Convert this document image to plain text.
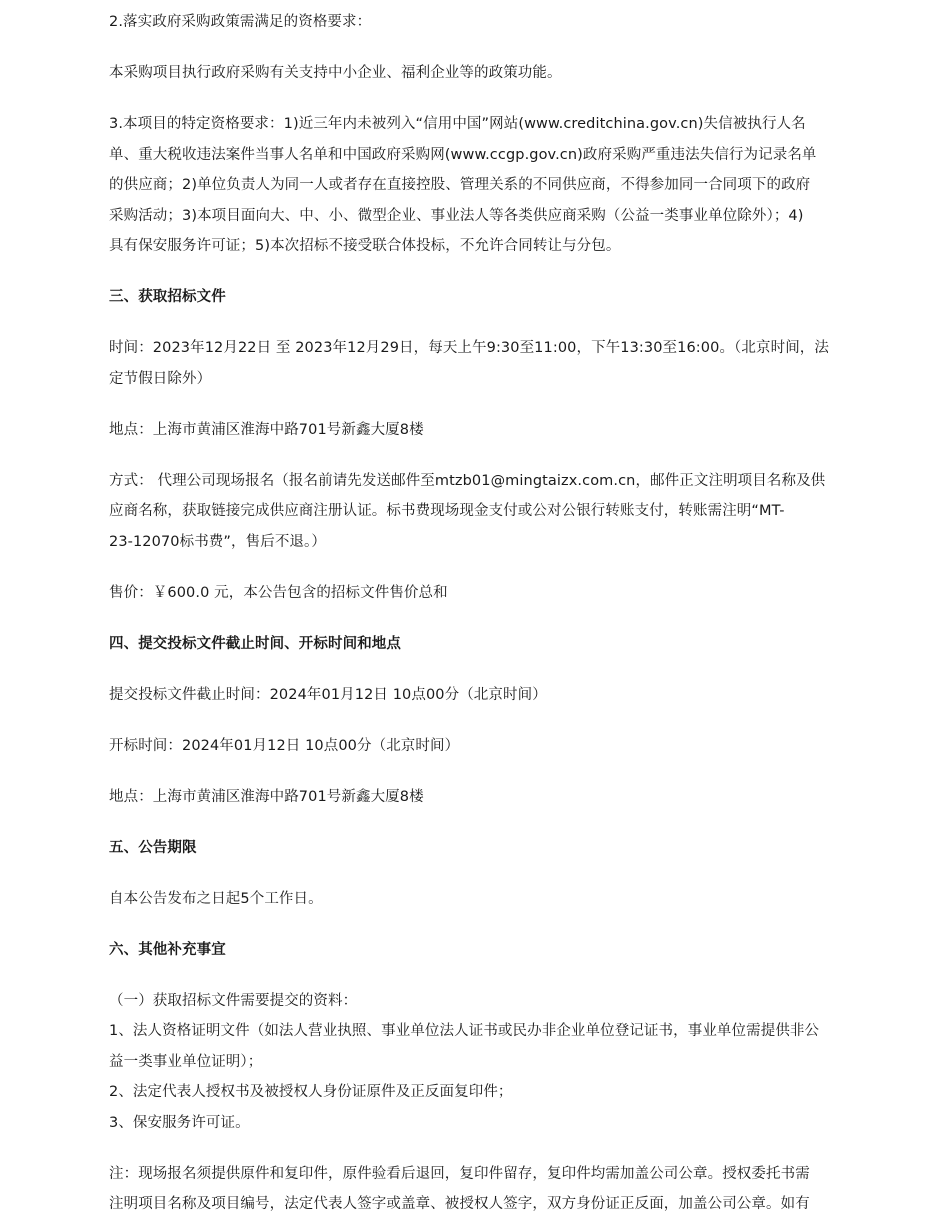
2.落实政府采购政策需满足的资格要求：

本采购项目执行政府采购有关支持中小企业、福利企业等的政策功能。

3.本项目的特定资格要求：1)近三年内未被列入“信用中国”网站(www.creditchina.gov.cn)失信被执行人名

单、重大税收违法案件当事人名单和中国政府采购网(www.ccgp.gov.cn)政府采购严重违法失信行为记录名单

的供应商；2)单位负责人为同一人或者存在直接控股、管理关系的不同供应商，不得参加同一合同项下的政府

采购活动；3)本项目面向大、中、小、微型企业、事业法人等各类供应商采购（公益一类事业单位除外）；4)

具有保安服务许可证；5)本次招标不接受联合体投标，不允许合同转让与分包。

三、获取招标文件

时间：2023年12月22日 至 2023年12月29日，每天上午9:30至11:00，下午13:30至16:00。（北京时间，法

定节假日除外）

地点：上海市黄浦区淮海中路701号新鑫大厦8楼

方式： 代理公司现场报名（报名前请先发送邮件至mtzb01@mingtaizx.com.cn，邮件正文注明项目名称及供

应商名称，获取链接完成供应商注册认证。标书费现场现金支付或公对公银行转账支付，转账需注明“MT-

23-12070标书费”，售后不退。）

售价：￥600.0 元，本公告包含的招标文件售价总和

四、提交投标文件截止时间、开标时间和地点

提交投标文件截止时间：2024年01月12日 10点00分（北京时间）

开标时间：2024年01月12日 10点00分（北京时间）

地点：上海市黄浦区淮海中路701号新鑫大厦8楼

五、公告期限

自本公告发布之日起5个工作日。

六、其他补充事宜

（一）获取招标文件需要提交的资料：

1、法人资格证明文件（如法人营业执照、事业单位法人证书或民办非企业单位登记证书，事业单位需提供非公

益一类事业单位证明）；

2、法定代表人授权书及被授权人身份证原件及正反面复印件；

3、保安服务许可证。

注：现场报名须提供原件和复印件，原件验看后退回，复印件留存，复印件均需加盖公司公章。授权委托书需

注明项目名称及项目编号，法定代表人签字或盖章、被授权人签字，双方身份证正反面，加盖公司公章。如有
